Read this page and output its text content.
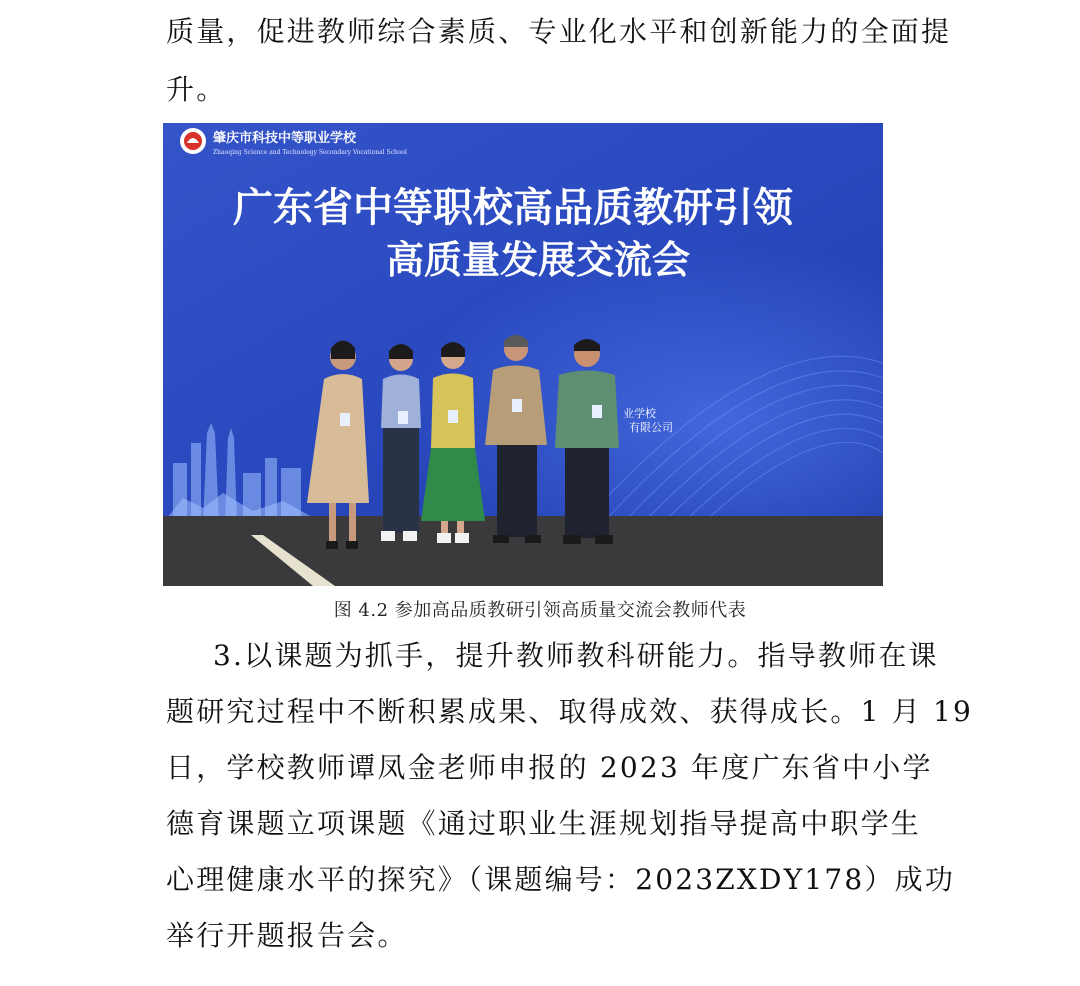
质量，促进教师综合素质、专业化水平和创新能力的全面提
升。
肇庆市科技中等职业学校
Zhaoqing Science and Technology Secondary Vocational School
广东省中等职校高品质教研引领
高质量发展交流会
业学校
有限公司
图 4.2 参加高品质教研引领高质量交流会教师代表
3.以课题为抓手，提升教师教科研能力。指导教师在课
题研究过程中不断积累成果、取得成效、获得成长。1 月 19
日，学校教师谭凤金老师申报的 2023 年度广东省中小学
德育课题立项课题《通过职业生涯规划指导提高中职学生
心理健康水平的探究》（课题编号：2023ZXDY178）成功
举行开题报告会。
